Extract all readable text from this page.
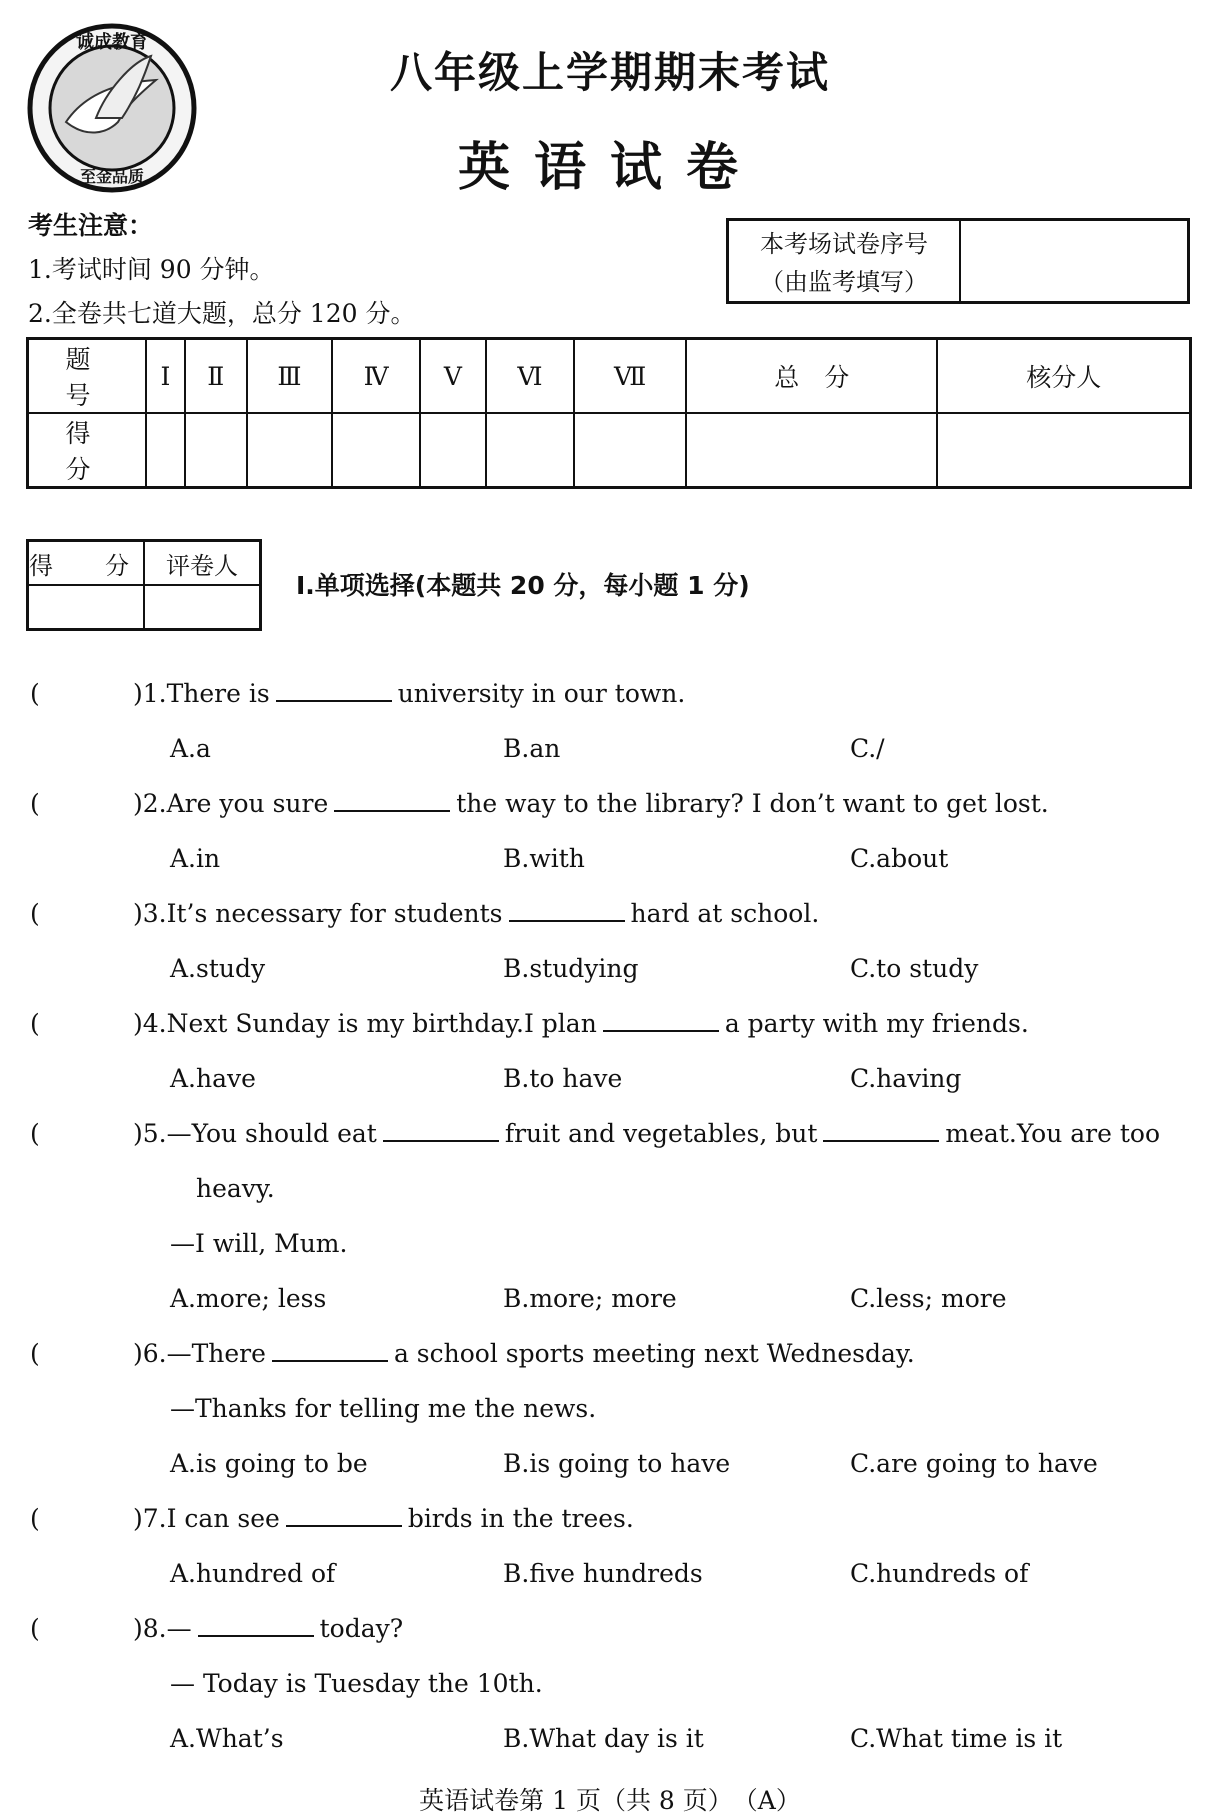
诚成教育
至金品质
八年级上学期期末考试
英语试卷
考生注意：
1.考试时间 90 分钟。
2.全卷共七道大题，总分 120 分。
本考场试卷序号
（由监考填写）
题　号	Ⅰ	Ⅱ	Ⅲ	Ⅳ	Ⅴ	Ⅵ	Ⅶ	总　分	核分人
得　分									
得　分	评卷人

Ⅰ.单项选择(本题共 20 分，每小题 1 分)
(	)1.There is	university in our town.
A.a	B.an	C./
(	)2.Are you sure	the way to the library? I don’t want to get lost.
A.in	B.with	C.about
(	)3.It’s necessary for students	hard at school.
A.study	B.studying	C.to study
(	)4.Next Sunday is my birthday.I plan	a party with my friends.
A.have	B.to have	C.having
(	)5.—You should eat	fruit and vegetables, but	meat.You are too
heavy.
—I will, Mum.
A.more; less	B.more; more	C.less; more
(	)6.—There	a school sports meeting next Wednesday.
—Thanks for telling me the news.
A.is going to be	B.is going to have	C.are going to have
(	)7.I can see	birds in the trees.
A.hundred of	B.five hundreds	C.hundreds of
(	)8.—	today?
— Today is Tuesday the 10th.
A.What’s	B.What day is it	C.What time is it
英语试卷第 1 页（共 8 页）　（A）
